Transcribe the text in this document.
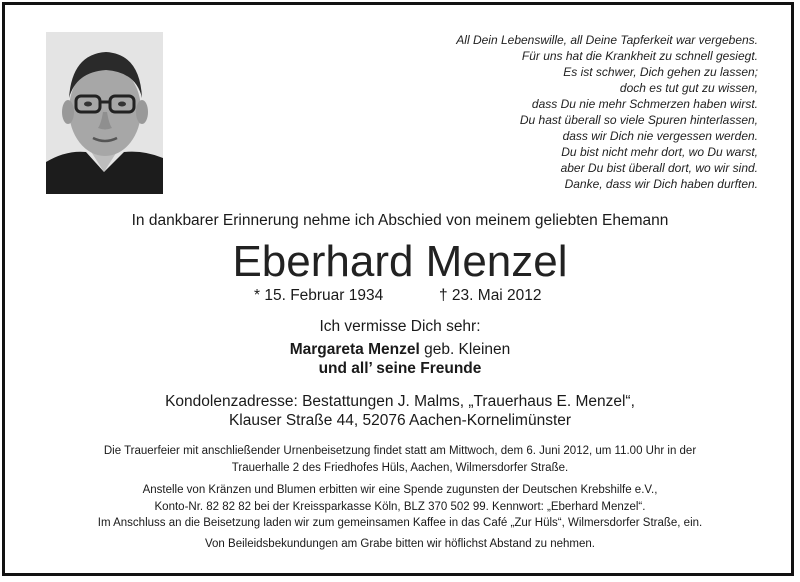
All Dein Lebenswille, all Deine Tapferkeit war vergebens.
Für uns hat die Krankheit zu schnell gesiegt.
Es ist schwer, Dich gehen zu lassen;
doch es tut gut zu wissen,
dass Du nie mehr Schmerzen haben wirst.
Du hast überall so viele Spuren hinterlassen,
dass wir Dich nie vergessen werden.
Du bist nicht mehr dort, wo Du warst,
aber Du bist überall dort, wo wir sind.
Danke, dass wir Dich haben durften.
In dankbarer Erinnerung nehme ich Abschied von meinem geliebten Ehemann
Eberhard Menzel
* 15. Februar 1934	† 23. Mai 2012
Ich vermisse Dich sehr:
Margareta Menzel geb. Kleinen
und all’ seine Freunde
Kondolenzadresse: Bestattungen J. Malms, „Trauerhaus E. Menzel“,
Klauser Straße 44, 52076 Aachen-Kornelimünster
Die Trauerfeier mit anschließender Urnenbeisetzung findet statt am Mittwoch, dem 6. Juni 2012, um 11.00 Uhr in der
Trauerhalle 2 des Friedhofes Hüls, Aachen, Wilmersdorfer Straße.
Anstelle von Kränzen und Blumen erbitten wir eine Spende zugunsten der Deutschen Krebshilfe e.V.,
Konto-Nr. 82 82 82 bei der Kreissparkasse Köln, BLZ 370 502 99. Kennwort: „Eberhard Menzel“.
Im Anschluss an die Beisetzung laden wir zum gemeinsamen Kaffee in das Café „Zur Hüls“, Wilmersdorfer Straße, ein.
Von Beileidsbekundungen am Grabe bitten wir höflichst Abstand zu nehmen.
